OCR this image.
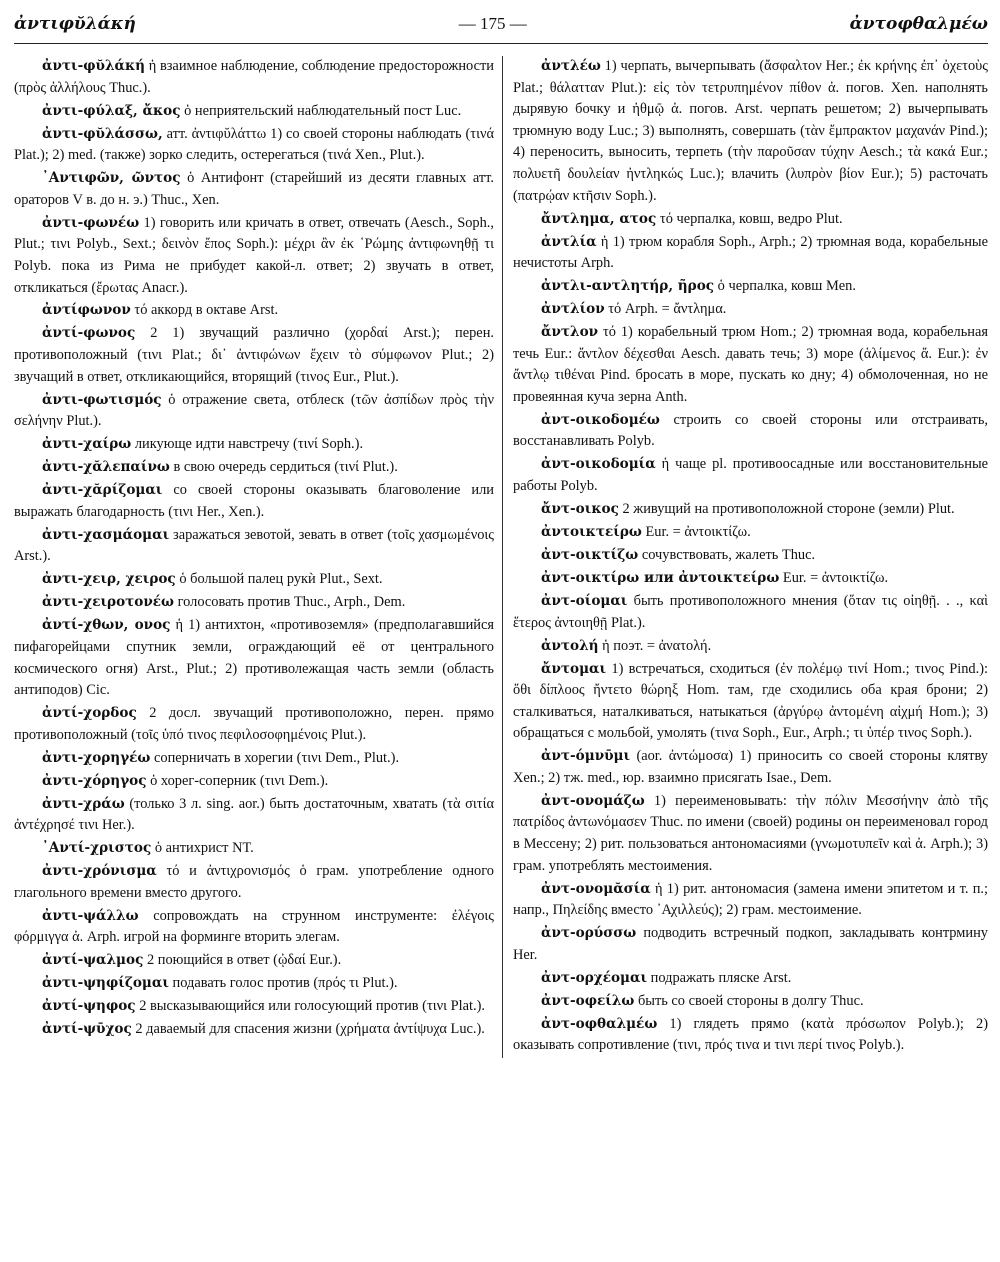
ἀντιφῠλάκή	— 175 —	ἀντοφθαλμέω

ἀντι-φῠλάκή ἡ взаимное наблюдение, соблюдение предосторожности (πρὸς ἀλλήλους Thuc.).

ἀντι-φύλαξ, ἄκος ὁ неприятельский наблюдательный пост Luc.

ἀντι-φῠλάσσω, атт. ἀντιφῠλάττω 1) со своей стороны наблюдать (τινά Plat.); 2) med. (также) зорко следить, остерегаться (τινά Xen., Plut.).

᾿Αντιφῶν, ῶντος ὁ Антифонт (старейший из десяти главных атт. ораторов V в. до н. э.) Thuc., Xen.

ἀντι-φωνέω 1) говорить или кричать в ответ, отвечать (Aesch., Soph., Plut.; τινι Polyb., Sext.; δεινὸν ἔπος Soph.): μέχρι ἂν ἐκ ῾Ρώμης ἀντιφωνηθῇ τι Polyb. пока из Рима не прибудет какой-л. ответ; 2) звучать в ответ, откликаться (ἔρωτας Anacr.).

ἀντίφωνον τό аккорд в октаве Arst.

ἀντί-φωνος 2 1) звучащий различно (χορδαί Arst.); перен. противоположный (τινι Plat.; δι᾿ ἀντιφώνων ἔχειν τὸ σύμφωνον Plut.; 2) звучащий в ответ, откликающийся, вторящий (τινος Eur., Plut.).

ἀντι-φωτισμός ὁ отражение света, отблеск (τῶν ἀσπίδων πρὸς τὴν σελήνην Plut.).

ἀντι-χαίρω ликующе идти навстречу (τινί Soph.).

ἀντι-χᾰλεπαίνω в свою очередь сердиться (τινί Plut.).

ἀντι-χᾰρίζομαι со своей стороны оказывать благоволение или выражать благодарность (τινι Her., Xen.).

ἀντι-χασμάομαι заражаться зевотой, зевать в ответ (τοῖς χασμωμένοις Arst.).

ἀντι-χειρ, χειρος ὁ большой палец рукѝ Plut., Sext.

ἀντι-χειροτονέω голосовать против Thuc., Arph., Dem.

ἀντί-χθων, ονος ἡ 1) антихтон, «противоземля» (предполагавшийся пифагорейцами спутник земли, ограждающий её от центрального космического огня) Arst., Plut.; 2) противолежащая часть земли (область антиподов) Cic.

ἀντί-χορδος 2 досл. звучащий противоположно, перен. прямо противоположный (τοῖς ὑπό τινος πεφιλοσοφημένοις Plut.).

ἀντι-χορηγέω соперничать в хорегии (τινι Dem., Plut.).

ἀντι-χόρηγος ὁ хорег-соперник (τινι Dem.).

ἀντι-χράω (только 3 л. sing. aor.) быть достаточным, хватать (τὰ σιτία ἀντέχρησέ τινι Her.).

᾿Αντί-χριστος ὁ антихрист NT.

ἀντι-χρόνισμα τό и ἀντιχρονισμός ὁ грам. употребление одного глагольного времени вместо другого.

ἀντι-ψάλλω сопровождать на струнном инструменте: ἐλέγοις φόρμιγγα ἀ. Arph. игрой на форминге вторить элегам.

ἀντί-ψαλμος 2 поющийся в ответ (ᾠδαί Eur.).

ἀντι-ψηφίζομαι подавать голос против (πρός τι Plut.).

ἀντί-ψηφος 2 высказывающийся или голосующий против (τινι Plat.).

ἀντί-ψῡχος 2 даваемый для спасения жизни (χρήματα ἀντίψυχα Luc.).

ἀντλέω 1) черпать, вычерпывать (ἄσφαλτον Her.; ἐκ κρήνης ἐπ᾿ ὀχετοὺς Plat.; θάλατταν Plut.): εἰς τὸν τετρυπημένον πίθον ἀ. погов. Xen. наполнять дырявую бочку и ἠθμῷ ἀ. погов. Arst. черпать решетом; 2) вычерпывать трюмную воду Luc.; 3) выполнять, совершать (τὰν ἔμπρακτον μαχανάν Pind.); 4) переносить, выносить, терпеть (τὴν παροῦσαν τύχην Aesch.; τὰ κακά Eur.; πολυετῆ δουλείαν ἠντληκώς Luc.); влачить (λυπρὸν βίον Eur.); 5) расточать (πατρῴαν κτῆσιν Soph.).

ἄντλημα, ατος τό черпалка, ковш, ведро Plut.

ἀντλία ἡ 1) трюм корабля Soph., Arph.; 2) трюмная вода, корабельные нечистоты Arph.

ἀντλι-αντλητήρ, ῆρος ὁ черпалка, ковш Men.

ἀντλίον τό Arph. = ἄντλημα.

ἄντλον τό 1) корабельный трюм Hom.; 2) трюмная вода, корабельная течь Eur.: ἄντλον δέχεσθαι Aesch. давать течь; 3) море (ἁλίμενος ἄ. Eur.): ἐν ἄντλῳ τιθέναι Pind. бросать в море, пускать ко дну; 4) обмолоченная, но не провеянная куча зерна Anth.

ἀντ-οικοδομέω строить со своей стороны или отстраивать, восстанавливать Polyb.

ἀντ-οικοδομία ἡ чаще pl. противоосадные или восстановительные работы Polyb.

ἄντ-οικος 2 живущий на противоположной стороне (земли) Plut.

ἀντοικτείρω Eur. = ἀντοικτίζω.

ἀντ-οικτίζω сочувствовать, жалеть Thuc.

ἀντ-οικτίρω или ἀντοικτείρω Eur. = ἀντοικτίζω.

ἀντ-οίομαι быть противоположного мнения (ὅταν τις οἰηθῇ. . ., καὶ ἕτερος ἀντοιηθῇ Plat.).

ἀντολή ἡ поэт. = ἀνατολή.

ἄντομαι 1) встречаться, сходиться (ἐν πολέμῳ τινί Hom.; τινος Pind.): ὅθι δίπλοος ἤντετο θώρηξ Hom. там, где сходились оба края брони; 2) сталкиваться, наталкиваться, натыкаться (ἀργύρῳ ἀντομένη αἰχμή Hom.); 3) обращаться с мольбой, умолять (τινα Soph., Eur., Arph.; τι ὑπέρ τινος Soph.).

ἀντ-όμνῡμι (aor. ἀντώμοσα) 1) приносить со своей стороны клятву Xen.; 2) тж. med., юр. взаимно присягать Isae., Dem.

ἀντ-ονομάζω 1) переименовывать: τὴν πόλιν Μεσσήνην ἀπὸ τῆς πατρίδος ἀντωνόμασεν Thuc. по имени (своей) родины он переименовал город в Мессену; 2) рит. пользоваться антономасиями (γνωμοτυπεῖν καὶ ἀ. Arph.); 3) грам. употреблять местоимения.

ἀντ-ονομᾰσία ἡ 1) рит. антономасия (замена имени эпитетом и т. п.; напр., Πηλείδης вместо ᾿Αχιλλεύς); 2) грам. местоимение.

ἀντ-ορύσσω подводить встречный подкоп, закладывать контрмину Her.

ἀντ-ορχέομαι подражать пляске Arst.

ἀντ-οφείλω быть со своей стороны в долгу Thuc.

ἀντ-οφθαλμέω 1) глядеть прямо (κατὰ πρόσωπον Polyb.); 2) оказывать сопротивление (τινι, πρός τινα и τινι περί τινος Polyb.).
